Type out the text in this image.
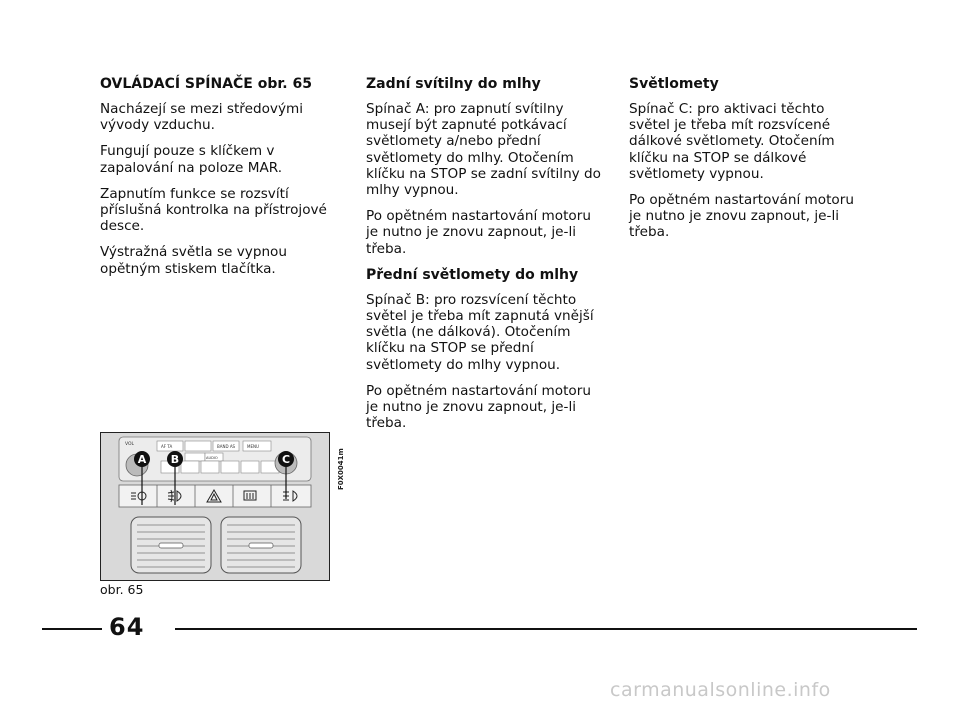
OVLÁDACÍ SPÍNAČE obr. 65

Nacházejí se mezi středovými vývody vzduchu.

Fungují pouze s klíčkem v zapalování na poloze MAR.

Zapnutím funkce se rozsvítí příslušná kontrolka na přístrojové desce.

Výstražná světla se vypnou opětným stiskem tlačítka.

Zadní svítilny do mlhy

Spínač A: pro zapnutí svítilny musejí být zapnuté potkávací světlomety a/nebo přední světlomety do mlhy. Otočením klíčku na STOP se zadní svítilny do mlhy vypnou.

Po opětném nastartování motoru je nutno je znovu zapnout, je-li třeba.

Přední světlomety do mlhy

Spínač B: pro rozsvícení těchto světel je třeba mít zapnutá vnější světla (ne dálková). Otočením klíčku na STOP se přední světlomety do mlhy vypnou.

Po opětném nastartování motoru je nutno je znovu zapnout, je-li třeba.

Světlomety

Spínač C: pro aktivaci těchto světel je třeba mít rozsvícené dálkové světlomety. Otočením klíčku na STOP se dálkové světlomety vypnou.

Po opětném nastartování motoru je nutno je znovu zapnout, je-li třeba.

VOL	AF TA	BAND AS	MENU
AUDIO
A B	C	F0X0041m
obr. 65
64
carmanualsonline.info
